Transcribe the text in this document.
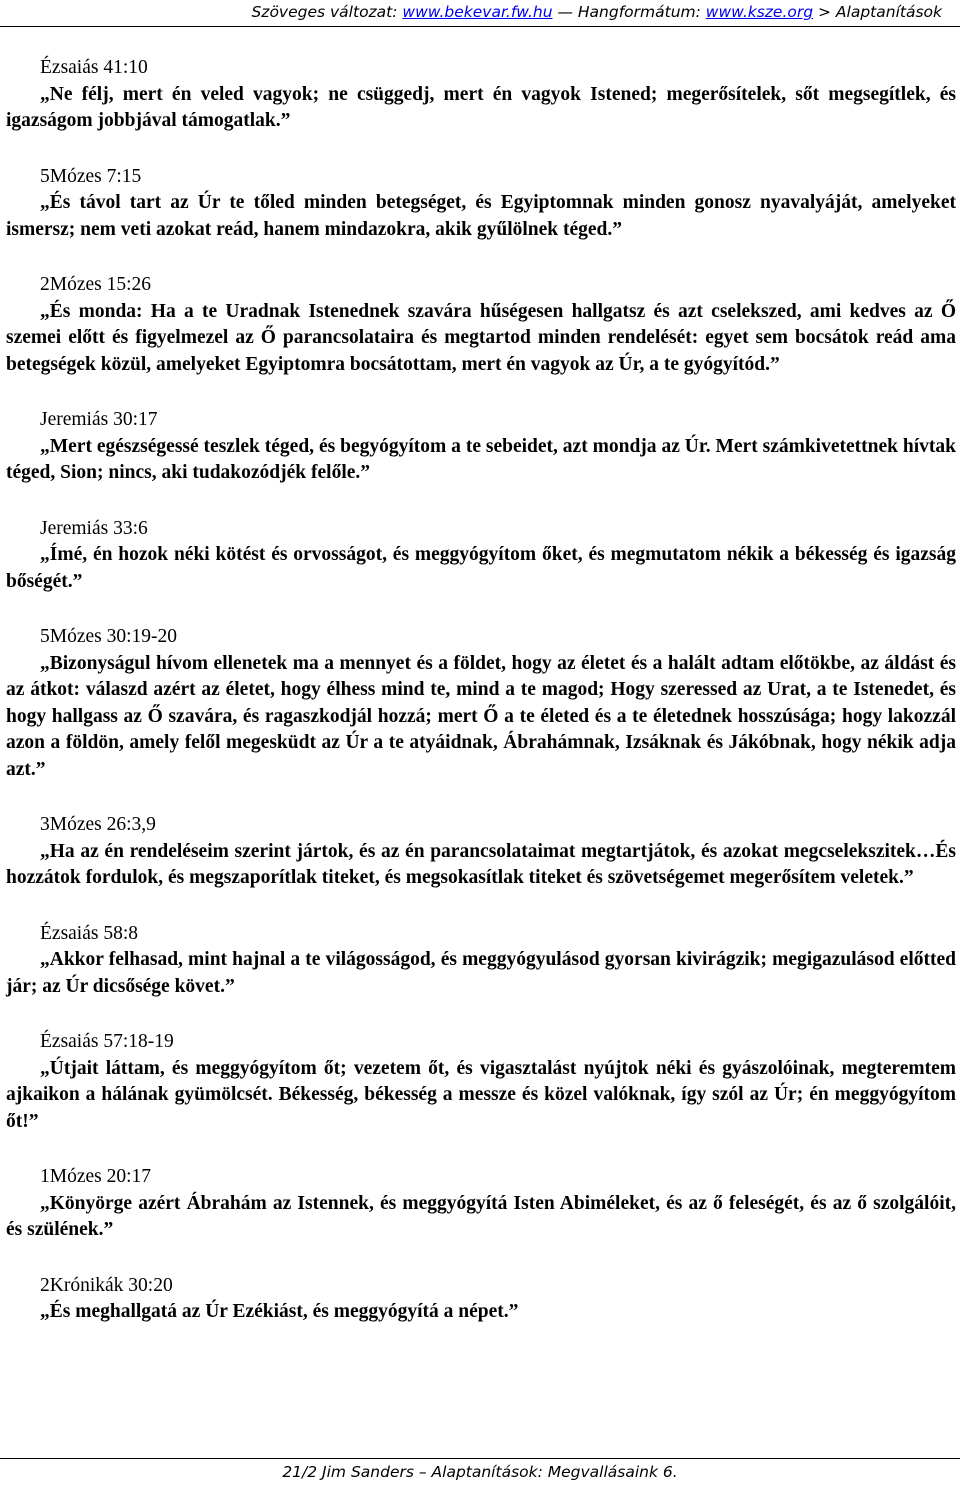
Szöveges változat: www.bekevar.fw.hu — Hangformátum: www.ksze.org > Alaptanítások
Ézsaiás 41:10
„Ne félj, mert én veled vagyok; ne csüggedj, mert én vagyok Istened; megerősítelek, sőt megsegítlek, és igazságom jobbjával támogatlak.”
5Mózes 7:15
„És távol tart az Úr te tőled minden betegséget, és Egyiptomnak minden gonosz nyavalyáját, amelyeket ismersz; nem veti azokat reád, hanem mindazokra, akik gyűlölnek téged.”
2Mózes 15:26
„És monda: Ha a te Uradnak Istenednek szavára hűségesen hallgatsz és azt cselekszed, ami kedves az Ő szemei előtt és figyelmezel az Ő parancsolataira és megtartod minden rendelését: egyet sem bocsátok reád ama betegségek közül, amelyeket Egyiptomra bocsátottam, mert én vagyok az Úr, a te gyógyítód.”
Jeremiás 30:17
„Mert egészségessé teszlek téged, és begyógyítom a te sebeidet, azt mondja az Úr. Mert számkivetettnek hívtak téged, Sion; nincs, aki tudakozódjék felőle.”
Jeremiás 33:6
„Ímé, én hozok néki kötést és orvosságot, és meggyógyítom őket, és megmutatom nékik a békesség és igazság bőségét.”
5Mózes 30:19-20
„Bizonyságul hívom ellenetek ma a mennyet és a földet, hogy az életet és a halált adtam előtökbe, az áldást és az átkot: válaszd azért az életet, hogy élhess mind te, mind a te magod; Hogy szeressed az Urat, a te Istenedet, és hogy hallgass az Ő szavára, és ragaszkodjál hozzá; mert Ő a te életed és a te életednek hosszúsága; hogy lakozzál azon a földön, amely felől megesküdt az Úr a te atyáidnak, Ábrahámnak, Izsáknak és Jákóbnak, hogy nékik adja azt.”
3Mózes 26:3,9
„Ha az én rendeléseim szerint jártok, és az én parancsolataimat megtartjátok, és azokat megcselekszitek…És hozzátok fordulok, és megszaporítlak titeket, és megsokasítlak titeket és szövetségemet megerősítem veletek.”
Ézsaiás 58:8
„Akkor felhasad, mint hajnal a te világosságod, és meggyógyulásod gyorsan kivirágzik; megigazulásod előtted jár; az Úr dicsősége követ.”
Ézsaiás 57:18-19
„Útjait láttam, és meggyógyítom őt; vezetem őt, és vigasztalást nyújtok néki és gyászolóinak, megteremtem ajkaikon a hálának gyümölcsét. Békesség, békesség a messze és közel valóknak, így szól az Úr; én meggyógyítom őt!”
1Mózes 20:17
„Könyörge azért Ábrahám az Istennek, és meggyógyítá Isten Abiméleket, és az ő feleségét, és az ő szolgálóit, és szülének.”
2Krónikák 30:20
„És meghallgatá az Úr Ezékiást, és meggyógyítá a népet.”
21/2 Jim Sanders – Alaptanítások: Megvallásaink 6.
